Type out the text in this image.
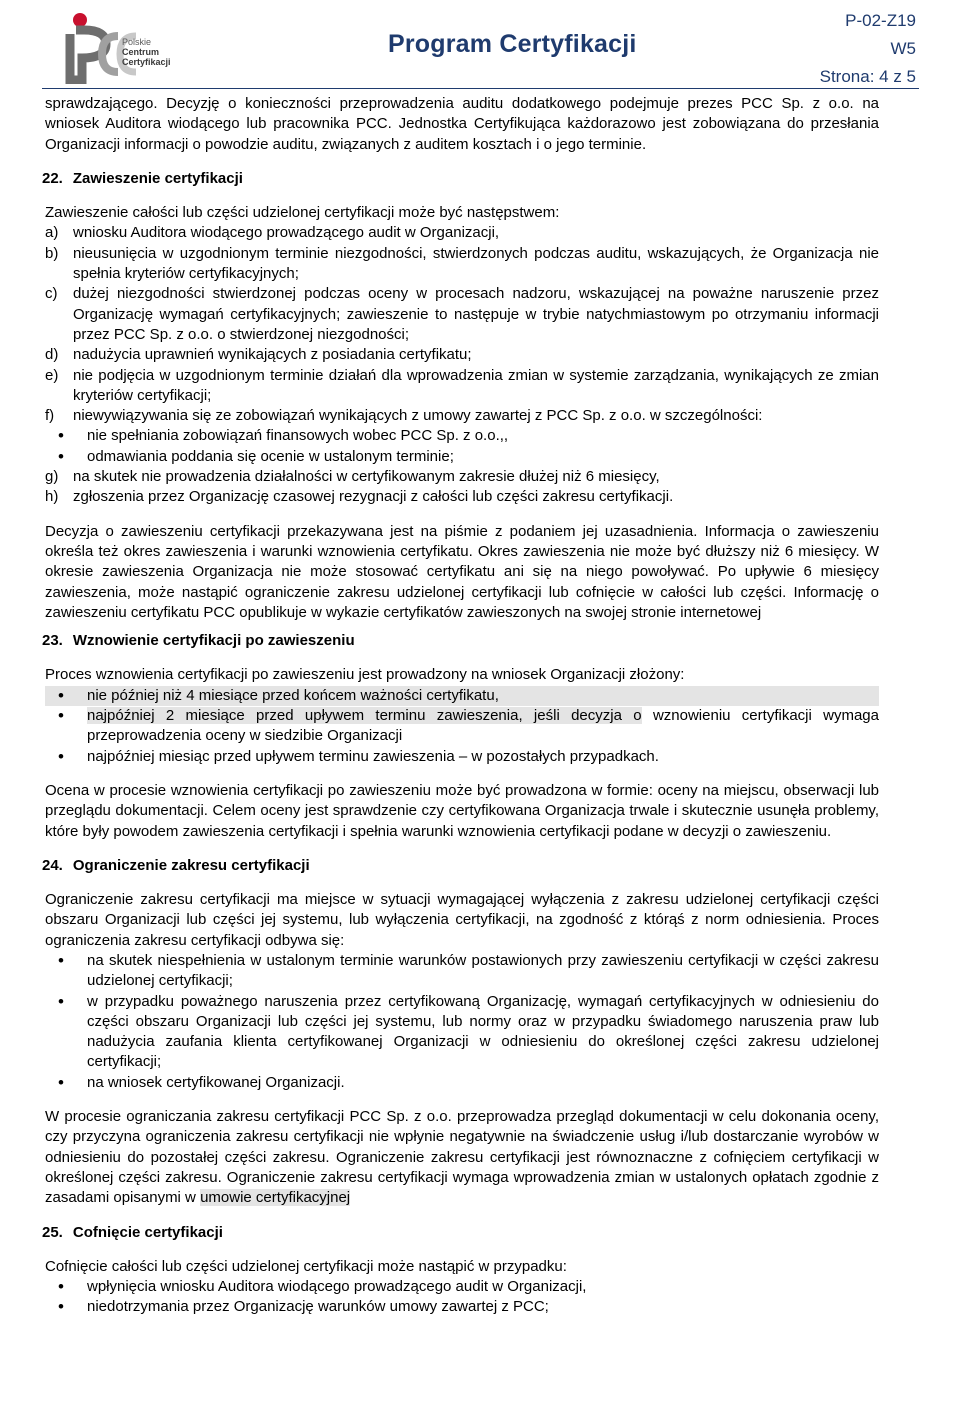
Polskie
Centrum
Certyfikacji
Program Certyfikacji
P-02-Z19
W5
Strona: 4 z 5

sprawdzającego. Decyzję o konieczności przeprowadzenia auditu dodatkowego podejmuje prezes PCC Sp. z o.o. na wniosek Auditora wiodącego lub pracownika PCC. Jednostka Certyfikująca każdorazowo jest zobowiązana do przesłania Organizacji informacji o powodzie auditu, związanych z auditem kosztach i o jego terminie.

22. Zawieszenie certyfikacji

Zawieszenie całości lub części udzielonej certyfikacji może być następstwem:

a) wniosku Auditora wiodącego prowadzącego audit w Organizacji,
b) nieusunięcia w uzgodnionym terminie niezgodności, stwierdzonych podczas auditu, wskazujących, że Organizacja nie spełnia kryteriów certyfikacyjnych;
c) dużej niezgodności stwierdzonej podczas oceny w procesach nadzoru, wskazującej na poważne naruszenie przez Organizację wymagań certyfikacyjnych; zawieszenie to następuje w trybie natychmiastowym po otrzymaniu informacji przez PCC Sp. z o.o. o stwierdzonej niezgodności;
d) nadużycia uprawnień wynikających z posiadania certyfikatu;
e) nie podjęcia w uzgodnionym terminie działań dla wprowadzenia zmian w systemie zarządzania, wynikających ze zmian kryteriów certyfikacji;
f) niewywiązywania się ze zobowiązań wynikających z umowy zawartej z PCC Sp. z o.o. w szczególności:
• nie spełniania zobowiązań finansowych wobec PCC Sp. z o.o.,,
• odmawiania poddania się ocenie w ustalonym terminie;
g) na skutek nie prowadzenia działalności w certyfikowanym zakresie dłużej niż 6 miesięcy,
h) zgłoszenia przez Organizację czasowej rezygnacji z całości lub części zakresu certyfikacji.

Decyzja o zawieszeniu certyfikacji przekazywana jest na piśmie z podaniem jej uzasadnienia. Informacja o zawieszeniu określa też okres zawieszenia i warunki wznowienia certyfikatu. Okres zawieszenia nie może być dłuższy niż 6 miesięcy. W okresie zawieszenia Organizacja nie może stosować certyfikatu ani się na niego powoływać. Po upływie 6 miesięcy zawieszenia, może nastąpić ograniczenie zakresu udzielonej certyfikacji lub cofnięcie w całości lub części. Informację o zawieszeniu certyfikatu PCC opublikuje w wykazie certyfikatów zawieszonych na swojej stronie internetowej

23. Wznowienie certyfikacji po zawieszeniu

Proces wznowienia certyfikacji po zawieszeniu jest prowadzony na wniosek Organizacji złożony:

• nie później niż 4 miesiące przed końcem ważności certyfikatu,
• najpóźniej 2 miesiące przed upływem terminu zawieszenia, jeśli decyzja o wznowieniu certyfikacji wymaga przeprowadzenia oceny w siedzibie Organizacji
• najpóźniej miesiąc przed upływem terminu zawieszenia – w pozostałych przypadkach.

Ocena w procesie wznowienia certyfikacji po zawieszeniu może być prowadzona w formie: oceny na miejscu, obserwacji lub przeglądu dokumentacji. Celem oceny jest sprawdzenie czy certyfikowana Organizacja trwale i skutecznie usunęła problemy, które były powodem zawieszenia certyfikacji i spełnia warunki wznowienia certyfikacji podane w decyzji o zawieszeniu.

24. Ograniczenie zakresu certyfikacji

Ograniczenie zakresu certyfikacji ma miejsce w sytuacji wymagającej wyłączenia z zakresu udzielonej certyfikacji części obszaru Organizacji lub części jej systemu, lub wyłączenia certyfikacji, na zgodność z którąś z norm odniesienia. Proces ograniczenia zakresu certyfikacji odbywa się:

• na skutek niespełnienia w ustalonym terminie warunków postawionych przy zawieszeniu certyfikacji w części zakresu udzielonej certyfikacji;
• w przypadku poważnego naruszenia przez certyfikowaną Organizację, wymagań certyfikacyjnych w odniesieniu do części obszaru Organizacji lub części jej systemu, lub normy oraz w przypadku świadomego naruszenia praw lub nadużycia zaufania klienta certyfikowanej Organizacji w odniesieniu do określonej części zakresu udzielonej certyfikacji;
• na wniosek certyfikowanej Organizacji.

W procesie ograniczania zakresu certyfikacji PCC Sp. z o.o. przeprowadza przegląd dokumentacji w celu dokonania oceny, czy przyczyna ograniczenia zakresu certyfikacji nie wpłynie negatywnie na świadczenie usług i/lub dostarczanie wyrobów w odniesieniu do pozostałej części zakresu. Ograniczenie zakresu certyfikacji jest równoznaczne z cofnięciem certyfikacji w określonej części zakresu. Ograniczenie zakresu certyfikacji wymaga wprowadzenia zmian w ustalonych opłatach zgodnie z zasadami opisanymi w umowie certyfikacyjnej

25. Cofnięcie certyfikacji

Cofnięcie całości lub części udzielonej certyfikacji może nastąpić w przypadku:

• wpłynięcia wniosku Auditora wiodącego prowadzącego audit w Organizacji,
• niedotrzymania przez Organizację warunków umowy zawartej z PCC;
